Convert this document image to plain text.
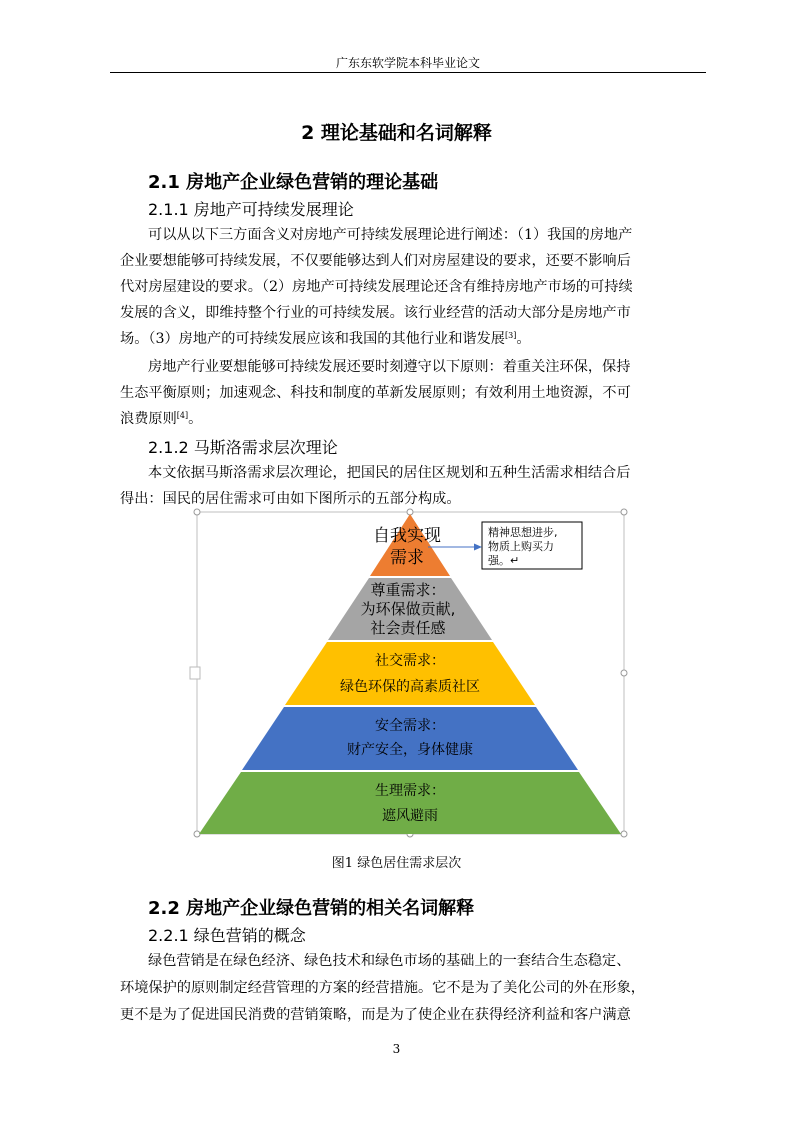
广东东软学院本科毕业论文
2 理论基础和名词解释
2.1 房地产企业绿色营销的理论基础
2.1.1 房地产可持续发展理论
可以从以下三方面含义对房地产可持续发展理论进行阐述：（1）我国的房地产
企业要想能够可持续发展，不仅要能够达到人们对房屋建设的要求，还要不影响后
代对房屋建设的要求。（2）房地产可持续发展理论还含有维持房地产市场的可持续
发展的含义，即维持整个行业的可持续发展。该行业经营的活动大部分是房地产市
场。（3）房地产的可持续发展应该和我国的其他行业和谐发展[3]。
房地产行业要想能够可持续发展还要时刻遵守以下原则：着重关注环保，保持
生态平衡原则；加速观念、科技和制度的革新发展原则；有效利用土地资源，不可
浪费原则[4]。
2.1.2 马斯洛需求层次理论
本文依据马斯洛需求层次理论，把国民的居住区规划和五种生活需求相结合后
得出：国民的居住需求可由如下图所示的五部分构成。
自我实现
需求
尊重需求：
为环保做贡献,
社会责任感
社交需求：
绿色环保的高素质社区
安全需求：
财产安全，身体健康
生理需求：
遮风避雨
精神思想进步,
物质上购买力
强。↵
图1 绿色居住需求层次
2.2 房地产企业绿色营销的相关名词解释
2.2.1 绿色营销的概念
绿色营销是在绿色经济、绿色技术和绿色市场的基础上的一套结合生态稳定、
环境保护的原则制定经营管理的方案的经营措施。它不是为了美化公司的外在形象，
更不是为了促进国民消费的营销策略，而是为了使企业在获得经济利益和客户满意
3
